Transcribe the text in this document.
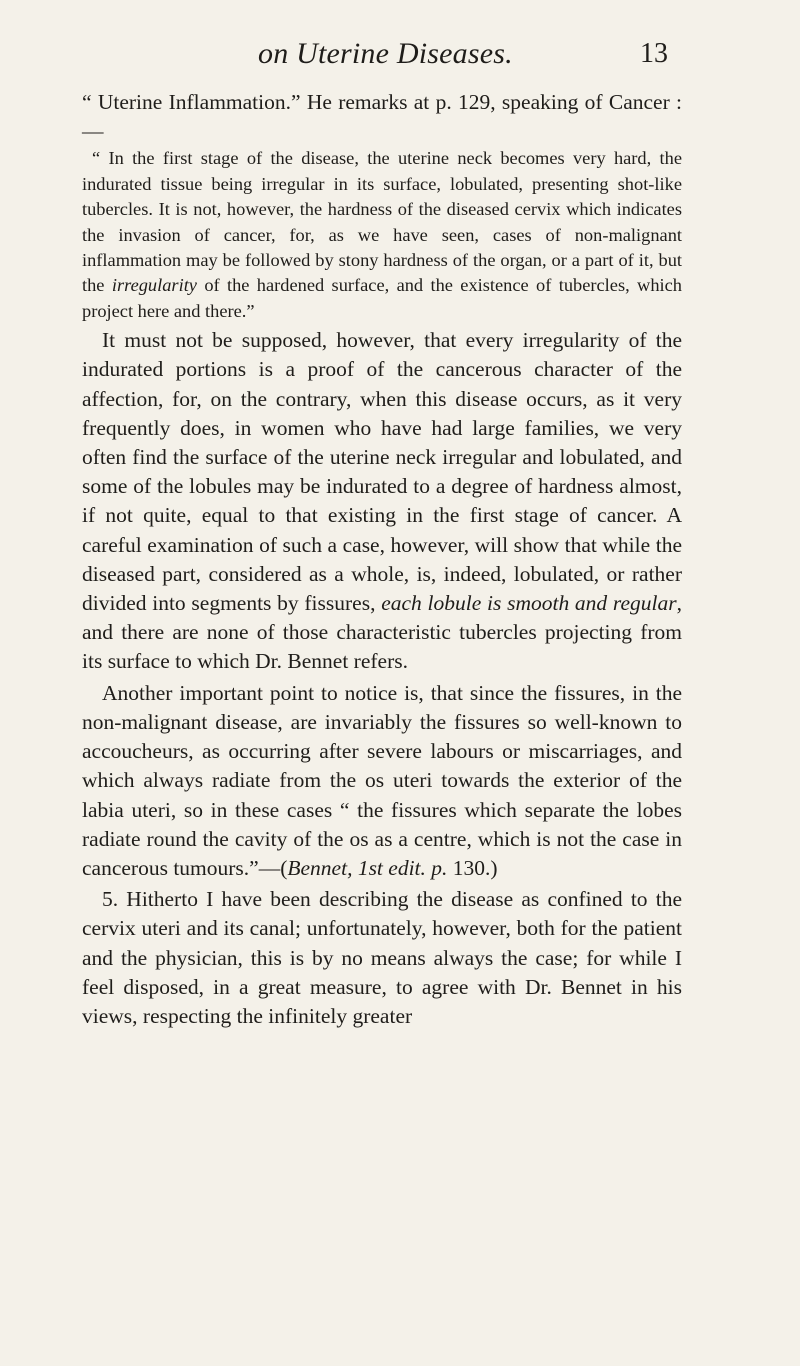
on Uterine Diseases.	13

“ Uterine Inflammation.” He remarks at p. 129, speaking of Cancer :—

“ In the first stage of the disease, the uterine neck becomes very hard, the indurated tissue being irregular in its surface, lobulated, presenting shot-like tubercles. It is not, however, the hardness of the diseased cervix which indicates the invasion of cancer, for, as we have seen, cases of non-malignant inflammation may be followed by stony hardness of the organ, or a part of it, but the irregularity of the hardened surface, and the existence of tubercles, which project here and there.”

It must not be supposed, however, that every irregularity of the indurated portions is a proof of the cancerous character of the affection, for, on the contrary, when this disease occurs, as it very frequently does, in women who have had large families, we very often find the surface of the uterine neck irregular and lobulated, and some of the lobules may be indurated to a degree of hardness almost, if not quite, equal to that existing in the first stage of cancer. A careful examination of such a case, however, will show that while the diseased part, considered as a whole, is, indeed, lobulated, or rather divided into segments by fissures, each lobule is smooth and regular, and there are none of those characteristic tubercles projecting from its surface to which Dr. Bennet refers.

Another important point to notice is, that since the fissures, in the non-malignant disease, are invariably the fissures so well-known to accoucheurs, as occurring after severe labours or miscarriages, and which always radiate from the os uteri towards the exterior of the labia uteri, so in these cases “ the fissures which separate the lobes radiate round the cavity of the os as a centre, which is not the case in cancerous tumours.”—(Bennet, 1st edit. p. 130.)

5. Hitherto I have been describing the disease as confined to the cervix uteri and its canal; unfortunately, however, both for the patient and the physician, this is by no means always the case; for while I feel disposed, in a great measure, to agree with Dr. Bennet in his views, respecting the infinitely greater
